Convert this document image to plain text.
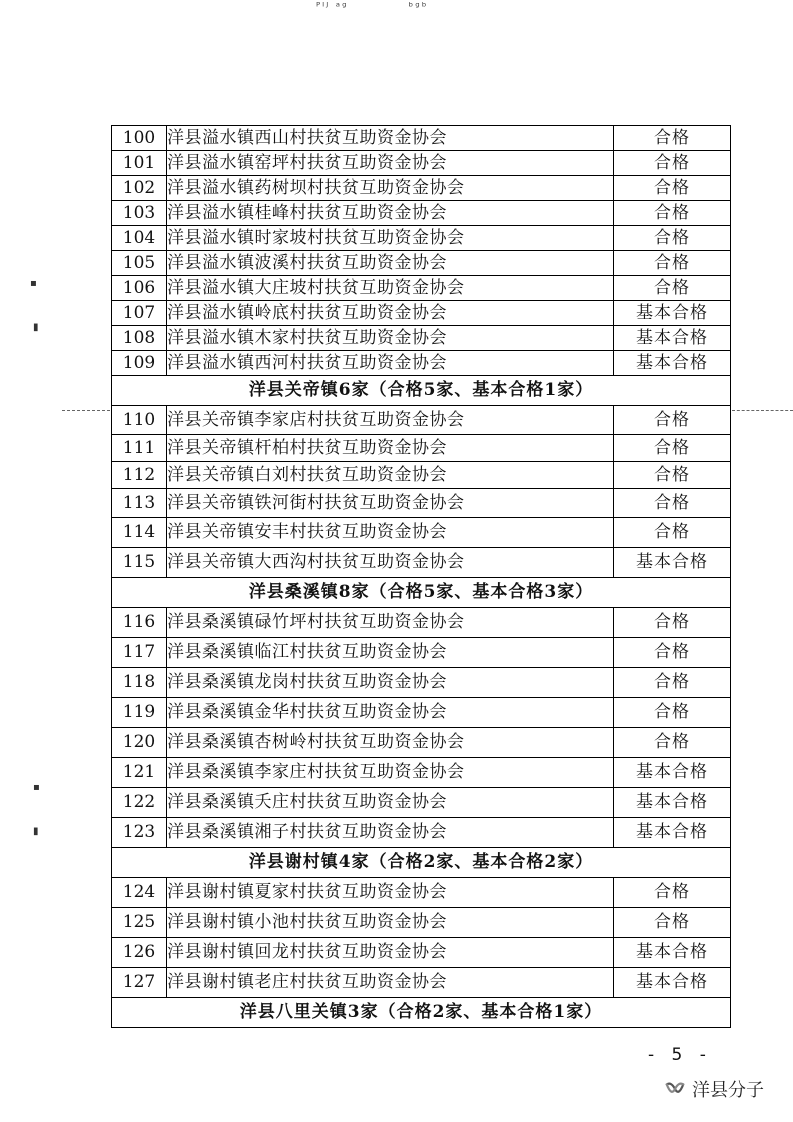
ᴾᴵᴶ ᵃᵍ	ᵇᵍᵇ
▪
▮
▪
▮
100	洋县溢水镇西山村扶贫互助资金协会	合格
101	洋县溢水镇窑坪村扶贫互助资金协会	合格
102	洋县溢水镇药树坝村扶贫互助资金协会	合格
103	洋县溢水镇桂峰村扶贫互助资金协会	合格
104	洋县溢水镇时家坡村扶贫互助资金协会	合格
105	洋县溢水镇波溪村扶贫互助资金协会	合格
106	洋县溢水镇大庄坡村扶贫互助资金协会	合格
107	洋县溢水镇岭底村扶贫互助资金协会	基本合格
108	洋县溢水镇木家村扶贫互助资金协会	基本合格
109	洋县溢水镇西河村扶贫互助资金协会	基本合格
洋县关帝镇6家（合格5家、基本合格1家）		
110	洋县关帝镇李家店村扶贫互助资金协会	合格
111	洋县关帝镇杆柏村扶贫互助资金协会	合格
112	洋县关帝镇白刘村扶贫互助资金协会	合格
113	洋县关帝镇铁河街村扶贫互助资金协会	合格
114	洋县关帝镇安丰村扶贫互助资金协会	合格
115	洋县关帝镇大西沟村扶贫互助资金协会	基本合格
洋县桑溪镇8家（合格5家、基本合格3家）		
116	洋县桑溪镇碌竹坪村扶贫互助资金协会	合格
117	洋县桑溪镇临江村扶贫互助资金协会	合格
118	洋县桑溪镇龙岗村扶贫互助资金协会	合格
119	洋县桑溪镇金华村扶贫互助资金协会	合格
120	洋县桑溪镇杏树岭村扶贫互助资金协会	合格
121	洋县桑溪镇李家庄村扶贫互助资金协会	基本合格
122	洋县桑溪镇夭庄村扶贫互助资金协会	基本合格
123	洋县桑溪镇湘子村扶贫互助资金协会	基本合格
洋县谢村镇4家（合格2家、基本合格2家）		
124	洋县谢村镇夏家村扶贫互助资金协会	合格
125	洋县谢村镇小池村扶贫互助资金协会	合格
126	洋县谢村镇回龙村扶贫互助资金协会	基本合格
127	洋县谢村镇老庄村扶贫互助资金协会	基本合格
洋县八里关镇3家（合格2家、基本合格1家）		
- 5 -
洋县分子
